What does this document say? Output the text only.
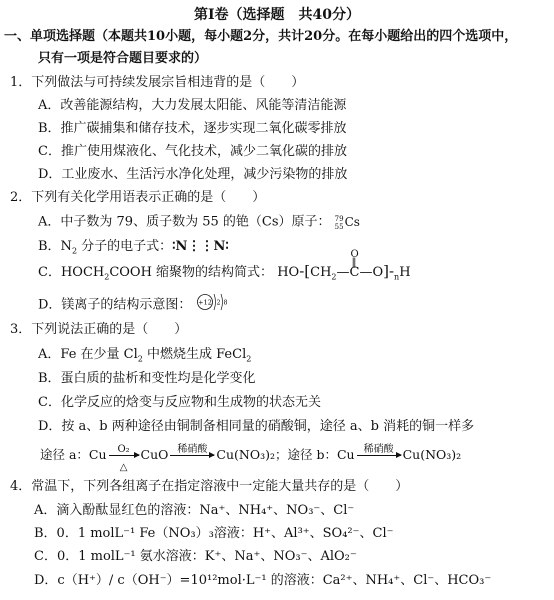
第Ⅰ卷（选择题　共40分）
一、单项选择题（本题共10小题，每小题2分，共计20分。在每小题给出的四个选项中，
只有一项是符合题目要求的）
1．下列做法与可持续发展宗旨相违背的是（　　）
A．改善能源结构，大力发展太阳能、风能等清洁能源
B．推广碳捕集和储存技术，逐步实现二氧化碳零排放
C．推广使用煤液化、气化技术，减少二氧化碳的排放
D．工业废水、生活污水净化处理，减少污染物的排放
2．下列有关化学用语表示正确的是（　　）
A．中子数为 79、质子数为 55 的铯（Cs）原子： 79
55Cs
B．$N_2$ 分子的电子式：∶N⋮⋮N∶
C．$HOCH_2COOH$ 缩聚物的结构简式： $HO-[CH_2—$
O
‖
$C—O]-_nH$
D．镁离子的结构示意图： +12 2 8
3．下列说法正确的是（　　）
A．Fe 在少量 $Cl_2$ 中燃烧生成 FeCl$_2$
B．蛋白质的盐析和变性均是化学变化
C．化学反应的焓变与反应物和生成物的状态无关
D．按 a、b 两种途径由铜制备相同量的硝酸铜，途径 a、b 消耗的铜一样多
途径 a：Cu	O₂
△
CuO 稀硝酸 Cu(NO₃)₂；途径 b：Cu 稀硝酸 Cu(NO₃)₂
4．常温下，下列各组离子在指定溶液中一定能大量共存的是（　　）
A．滴入酚酞显红色的溶液：Na⁺、NH₄⁺、NO₃⁻、Cl⁻
B．0．1 molL⁻¹ Fe（NO₃）₃溶液：H⁺、Al³⁺、SO₄²⁻、Cl⁻
C．0．1 molL⁻¹ 氨水溶液：K⁺、Na⁺、NO₃⁻、AlO₂⁻
D．c（H⁺）/ c（OH⁻）=10¹²mol·L⁻¹ 的溶液：Ca²⁺、NH₄⁺、Cl⁻、HCO₃⁻
